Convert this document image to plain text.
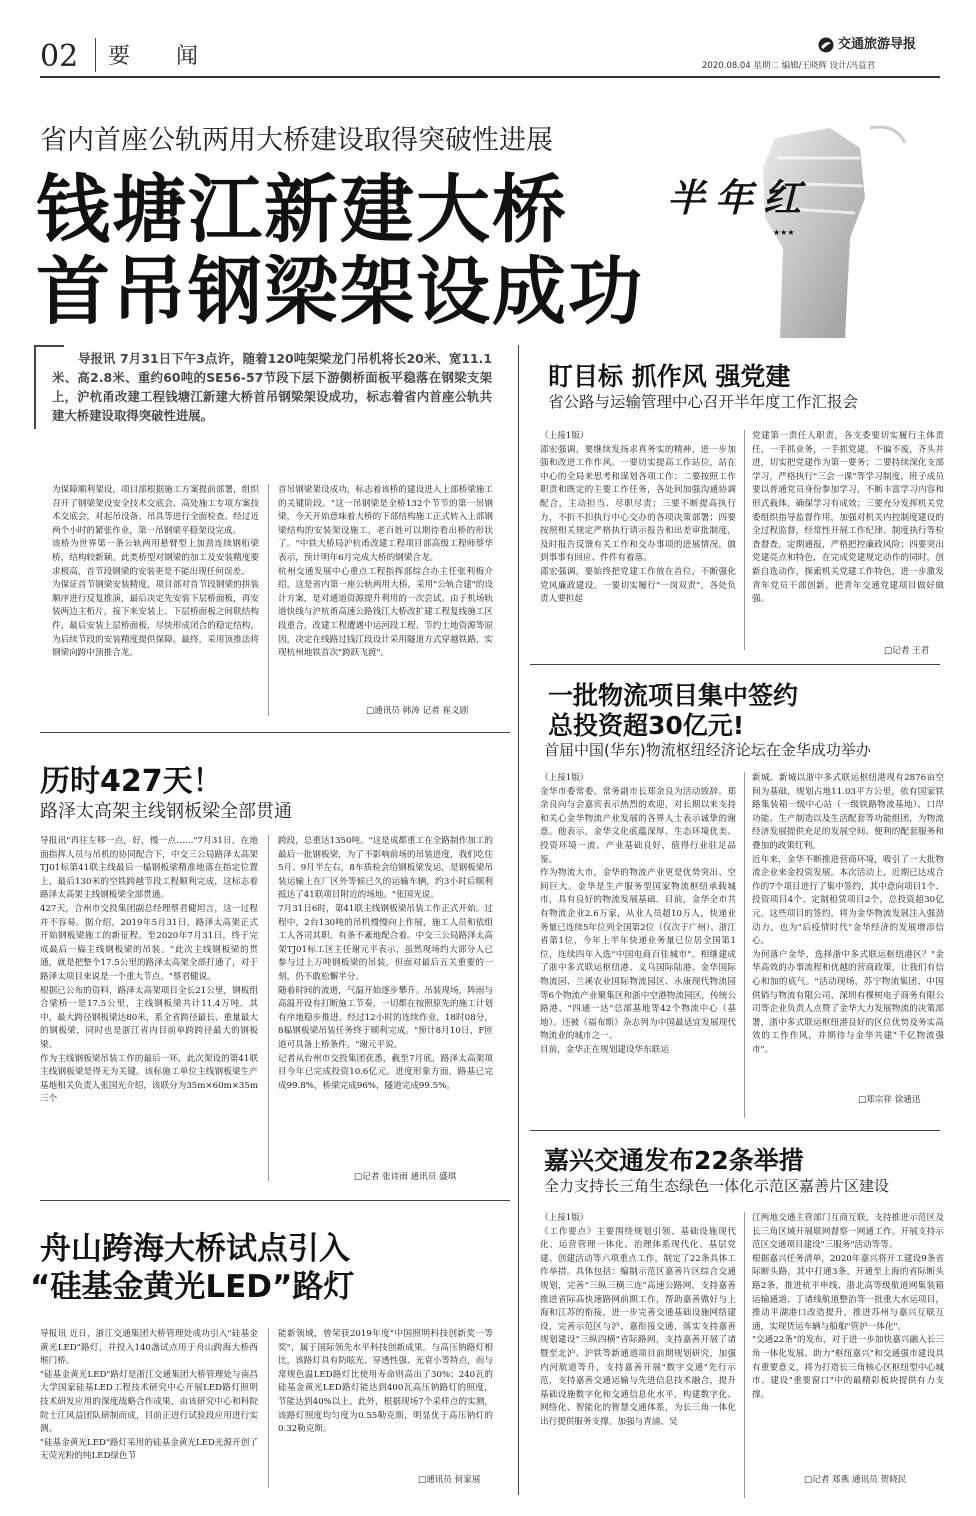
02 要　闻	交通旅游导报
2020.08.04 星期二 编辑/王晓辉 设计/冯益君
省内首座公轨两用大桥建设取得突破性进展
钱塘江新建大桥
首吊钢梁架设成功
半年红
★★★
导报讯 7月31日下午3点许，随着120吨架梁龙门吊机将长20米、宽11.1米、高2.8米、重约60吨的SE56-57节段下层下游侧桥面板平稳落在钢梁支架上，沪杭甬改建工程钱塘江新建大桥首吊钢梁架设成功，标志着省内首座公轨共建大桥建设取得突破性进展。
为保障顺利架设，项目部根据施工方案提前部署，组织召开了钢梁架设安全技术交底会、高处施工专项方案技术交底会，对起吊设备、吊具等进行全面检查。经过近两个小时的紧张作业，第一吊钢梁平稳架设完成。
该桥为世界第一条公轨两用悬臂型上加劲连续钢桁梁桥，结构较新颖。此类桥型对钢梁的加工及安装精度要求极高，首节段钢梁的安装更是不能出现任何误差。
为保证首节钢梁安装精度，项目部对首节段钢梁的拼装顺序进行反复推演，最后决定先安装下层桥面板，再安装两边主桁片，接下来安装上、下层桥面板之间联结构件，最后安装上层桥面板，尽快形成闭合的稳定结构，为后续节段的安装精度提供保障。最终，采用顶推法将钢梁向跨中顶推合龙。
首吊钢梁架设成功，标志着该桥的建设进入上部桥梁施工的关键阶段。"这一吊钢梁是全桥132个节节的第一吊钢梁，今天开始意味着大桥的下部结构施工正式转入上部钢梁结构的安装架设施工，老百姓可以期待看出桥的形状了。"中铁大桥局沪杭甬改建工程项目部高级工程师蔡华表示，预计明年6月完成大桥的钢梁合龙。
杭州交通发展中心重点工程指挥部综合办主任张利梅介绍，这是省内第一座公轨两用大桥，采用"公轨合建"的设计方案，是对通道资源提升利用的一次尝试。由于机场轨道快线与沪杭甬高速公路钱江大桥改扩建工程复线施工区段重合，改建工程遭遇中运河段工程、节约土地资源等原因，决定在线路过钱江段设计采用隧道方式穿越铁路，实现杭州地铁首次"跨跃飞渡"。
□通讯员 韩涛 记者 崔义剧
历时427天！
路泽太高架主线钢板梁全部贯通
导报讯"再往左移一点，好，慢一点……"7月31日，在地面指挥人员与吊机的协同配合下，中交三公局路泽太高架TJ01标第41联主线最后一榀钢板梁精准地落在指定位置上，最后130米的空铁跨越节段工程顺利完成，这标志着路泽太高架主线钢板梁全部贯通。
427天，合州市交投集团副总经理蔡君健坦言，这一过程并不容易。据介绍，2019年5月31日，路泽太高架正式开始钢板梁施工的新征程。至2020年7月31日，终于完成最后一榀主线钢板梁的吊装。"此次主线钢板梁的贯通，就是把整个17.5公里的路泽太高架全部打通了，对于路泽太项目来说是一个重大节点。"蔡君健说。
根据已公布的资料，路泽太高架项目全长21公里，钢板组合梁桥一是17.5公里，主线钢板梁共计11.4万吨。其中，最大跨径钢板梁达80米，系全省跨径最长、重量最大的钢板梁，同时也是浙江省内目前单跨跨径最大的钢板梁。
作为主线钢板梁吊装工作的最后一环，此次架设的第41联主线钢板梁是得无为关键。该标施工单位主线钢板梁生产基地相关负责人张国光介绍，该联分为35m×60m×35m三个
跨段，总重达1350吨。"这是成都重工在全路制作加工的最后一批钢板梁，为了不影响前场的吊装进度，我们吃住5月、9月半左右，8车质检会给钢板梁发运，是钢板梁吊装运输上在厂区外等候已久的运输车辆，约3小时后顺利抵达了41联项目附近的场地。"张国光说。
7月31日6时，第41联主线钢板梁吊装工作正式开始。过程中，2台130吨的吊机慢慢向上作展，施工人员和依组工人各司其职，有条不紊地配合着。中交三公局路泽太高架TJ01标工区主任谢元平表示，虽然现场约大部分人已参与过上万吨钢板梁的吊装，但面对最后五关重要的一刻，仍不敢松懈半分。
随着时间的流逝，气温开始逐步攀升。吊装现场，阵雨与高温开设有打断施工节奏，一切都在按照原先的施工计划有序地稳步推进。经过12小时的连续作业，18时08分，8榀钢板梁吊装任务终于顺利完成。"预计8月10日，F匝道可具备上桥条件。"谢元平说。
记者从台州市交投集团获悉，截至7月底，路泽太高架项目今年已完成投资10.6亿元。进度形象方面，路基已完成99.8%，桥梁完成96%，隧道完成99.5%。
□记者 张诗雨 通讯员 盛琪
舟山跨海大桥试点引入
“硅基金黄光LED”路灯
导报讯 近日，浙江交通集团大桥管理处成功引入"硅基金黄光LED"路灯，并投入140盏试点用于舟山跨海大桥西堠门桥。
"硅基金黄光LED"路灯是浙江交通集团大桥管理处与南昌大学国家硅基LED工程技术研究中心开展LED路灯照明技术研发应用的深度战略合作成果，由该研究中心和科院院士江风益团队研制而成，目前正进行试验段应用进行实测。
"硅基金黄光LED"路灯采用的硅基金黄光LED光源开创了无荧光粉的纯LED绿色节
能新领域，曾荣获2019年度"中国照明科技创新奖一等奖"，属于国际领先水平科技创新成果。与高压钠路灯相比，该路灯具有防眩光、穿透性强、光衰小等特点，而与常规色温LED路灯比使用寿命则高出了30%；240瓦的硅基金黄光LED路灯能达到400瓦高压钠路灯的照度，节能达到40%以上。此外，根据现场7个采样点的实测，该路灯照度均匀度为0.55勒克斯，明显优于高压钠灯的0.32勒克斯。
□通讯员 何家展
盯目标 抓作风 强党建
省公路与运输管理中心召开半年度工作汇报会
（上接1版）
邵宏强调，要继续发扬求真务实的精神，进一步加强和改进工作作风。一要切实提高工作站位，站在中心的全局来思考和谋划各项工作；二要按照工作职责和既定的主要工作任务，各处间加强沟通协调配合，主动担当、尽职尽责；三要不断提高执行力，不折不扣执行中心交办的各项决策部署；四要按照相关规定严格执行请示报告和出差审批制度，及时报告反馈有关工作和交办事项的进展情况，做到事事有回应、件件有着落。
邵宏强调，要始终把党建工作放在首位，不断强化党风廉政建设。一要切实履行"一岗双责"，各处负责人要担起
党建第一责任人职责，各支委要切实履行主体责任，一手抓业务，一手抓党建，不偏不废，齐头并进，切实把党建作为第一要务；二要持续深化支部学习，严格执行"三会一课"等学习制度，班子成员要以普通党员身份参加学习，不断丰富学习内容和形式载体，确保学习有成效；三要充分发挥机关党委组织指导监督作用，加强对机关内控制度建设的全过程监督，经常性开展工作纪律、制度执行等检查督查，定期通报，严格把控廉政风险；四要突出党建亮点和特色，在完成党建规定动作的同时，创新自选动作，探索机关党建工作特色，进一步激发青年党员干部创新，把青年交通党建项目做好做强。
□记者 王君
一批物流项目集中签约
总投资超30亿元!
首届中国(华东)物流枢纽经济论坛在金华成功举办
（上接1版）
金华市委常委、常务副市长郑余良为活动致辞。郑余良向与会嘉宾表示热烈的欢迎，对长期以来支持和关心金华物流产业发展的各界人士表示诚挚的谢意。他表示，金华文化底蕴深厚、生态环境优美、投资环境一流、产业基础良好，值得行业驻足品鉴。
作为物流大市，金华的物流产业更是优势突出、空间巨大。金华是生产服务型国家物流枢纽承载城市，具有良好的物流发展基础。目前，金华全市共有物流企业2.6万家，从业人员超10万人，快递业务量已连续5年位列全国第2位（仅次于广州）、浙江省第1位，今年上半年快递业务量已位居全国第1位，连续四年入选"中国电商百佳城市"。相继建成了浙中多式联运枢纽港、义乌国际陆港、金华国际物流园、兰溪农业国际物流园区、永康现代物流园等6个物流产业聚集区和浙中空港物流园区，传统公路港、"四通一达"总部基地等42个物流中心（基地）。还被《福布斯》杂志列为中国最适宜发展现代物流业的城市之一。
目前，金华正在规划建设华东联运
新城。新城以浙中多式联运枢纽港现有2876亩空间为基础，规划占地11.03平方公里，依有国家铁路集装箱一级中心站（一级铁路物流基地）、口岸功能、生产制造以及生活配套等功能组团，为物流经济发展提供充足的发展空间、便利的配套服务和叠加的政策红利。
近年来，金华不断推进营商环境，吸引了一大批物流企业来金投资发展。本次活动上，近期已达成合作的7个项目进行了集中签约，其中意向项目1个、投资项目4个、定制租赁项目2个，总投资超30亿元。这些项目的签约，将为金华物流发展注入强劲动力，也为"后疫情时代"金华经济的发展增添信心。
为何落户金华，选择浙中多式联运枢纽港区？"金华高效的办事流程和优越的营商政策，让我们有信心和加的底气。"活动现场，苏宁物流集团、中国供销与物流有限公司、深圳有棵树电子商务有限公司等企业负责人点赞了金华大力发展物流的决策部署，浙中多式联运枢纽港良好的区位优势及务实高效的工作作风，并期待与金华共建"千亿物流强市"。
□郑宗祥 徐通迅
嘉兴交通发布22条举措
全力支持长三角生态绿色一体化示范区嘉善片区建设
（上接1版）
《工作要点》主要围绕规划引领、基础设施现代化、运营管理一体化、治理体系现代化、基层党建、创建活动等六项重点工作，制定了22条具体工作举措。具体包括：编制示范区嘉善片区综合交通规划，完善"三纵三横三连"高速公路网，支持嘉善推进省际高快速路网前期工作，帮助嘉善做好与上海和江苏的衔接，进一步完善交通基础设施网络建设，完善示范区与沪、嘉衔接交通，落实支持嘉善规划建设"三纵四横"省际路网，支持嘉善开展了诸暨至北沪、沪铁等新通道项目前期规划研究，加强内河航道等升，支持嘉善开展"数字交通"先行示范，支持嘉善交通运输与先进信息技术融合，提升基础设施数字化和交通信息化水平，构建数字化、网络化、智能化的智慧交通体系，为长三角一体化出行提供服务支撑。加强与青浦、吴
江两地交通主管部门互商互联，支持推进示范区及长三角区域开展联网督察一网通工作。开展支持示范区交通项目建设"三服务"活动等等。
根据嘉兴任务清单，2020年嘉兴将开工建设9条省际断头路，其中打通3条，开通至上海的省际断头路2条，推进杭平申线、浙北高等级航道网集装箱运输通道、丁诸线航道整治等一批重大水运项目，推动平湖港口改造提升，推进苏州与嘉兴互联互通，实现货运车辆与船舶"管护一体化"。
"交通22条"的发布，对于进一步加快嘉兴融入长三角一体化发展、助力"枢纽嘉兴"和交通强市建设具有重要意义，将为打造长三角核心区枢纽型中心城市、建设"重要窗口"中的最精彩板块提供有力支撑。
□记者 郑燕 通讯员 贺晓民
